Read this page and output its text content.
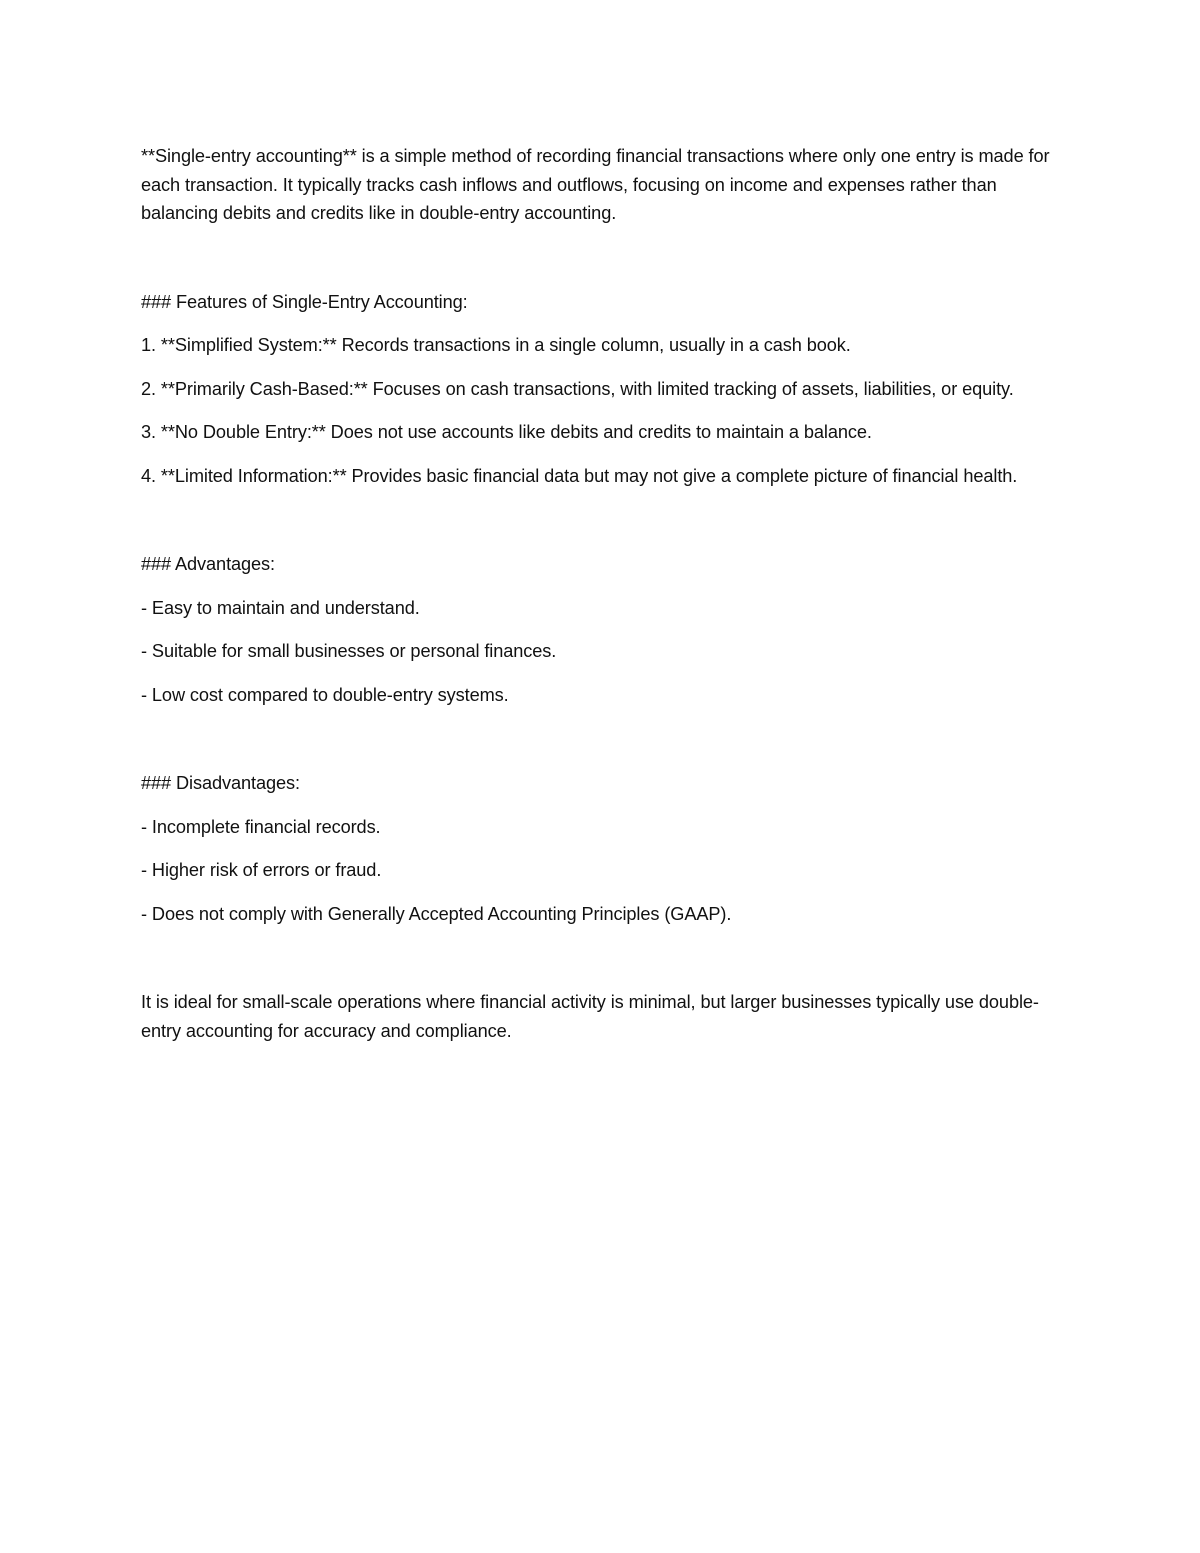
**Single-entry accounting** is a simple method of recording financial transactions where only one entry is made for each transaction. It typically tracks cash inflows and outflows, focusing on income and expenses rather than balancing debits and credits like in double-entry accounting.

### Features of Single-Entry Accounting:

1. **Simplified System:** Records transactions in a single column, usually in a cash book.

2. **Primarily Cash-Based:** Focuses on cash transactions, with limited tracking of assets, liabilities, or equity.

3. **No Double Entry:** Does not use accounts like debits and credits to maintain a balance.

4. **Limited Information:** Provides basic financial data but may not give a complete picture of financial health.

### Advantages:

- Easy to maintain and understand.

- Suitable for small businesses or personal finances.

- Low cost compared to double-entry systems.

### Disadvantages:

- Incomplete financial records.

- Higher risk of errors or fraud.

- Does not comply with Generally Accepted Accounting Principles (GAAP).

It is ideal for small-scale operations where financial activity is minimal, but larger businesses typically use double-entry accounting for accuracy and compliance.
